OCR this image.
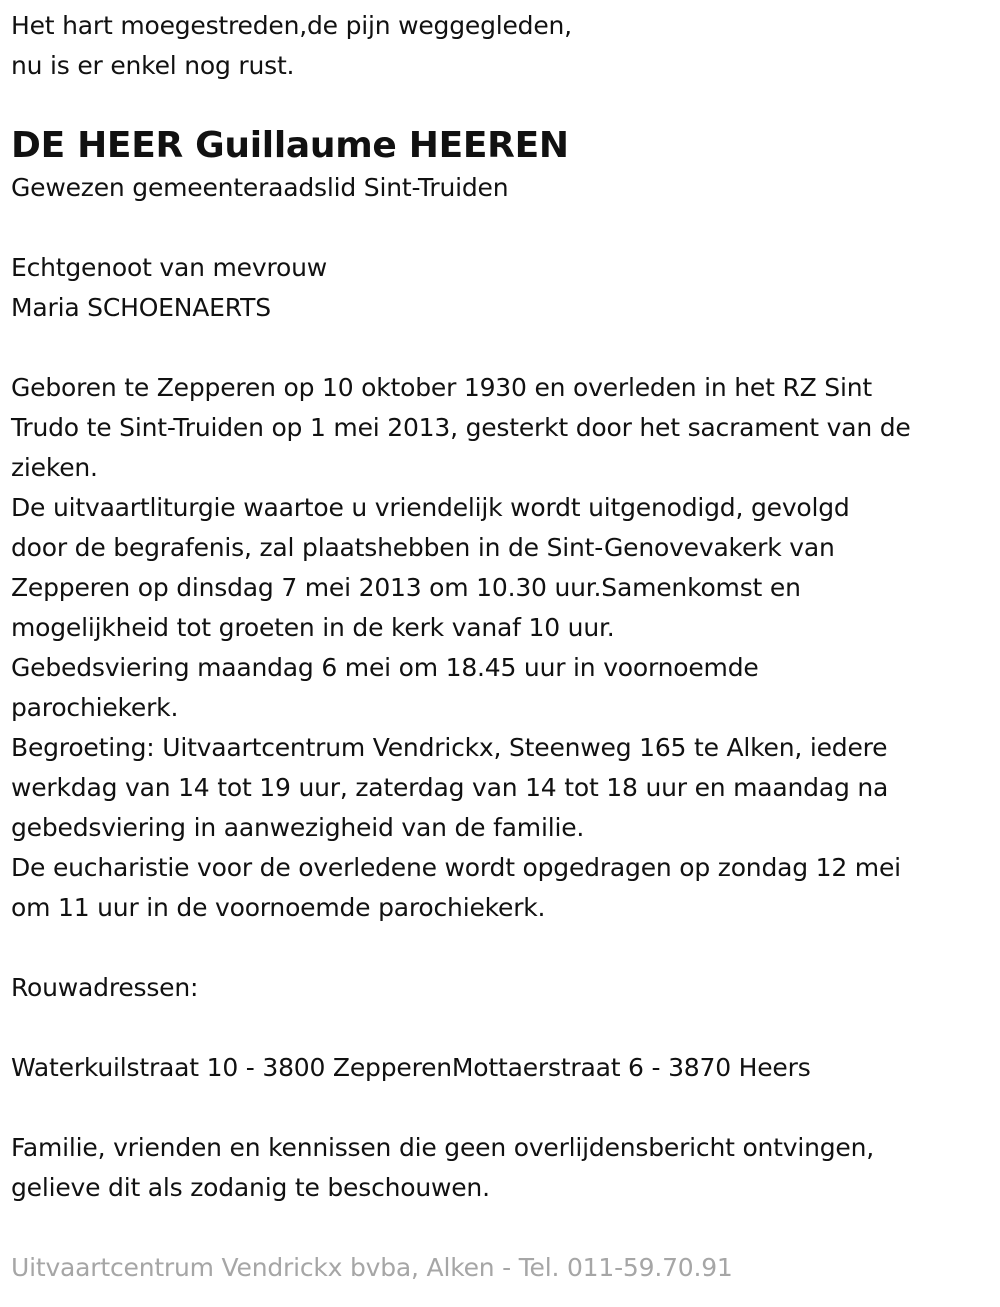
Het hart moegestreden,de pijn weggegleden,
nu is er enkel nog rust.
DE HEER Guillaume HEEREN
Gewezen gemeenteraadslid Sint-Truiden
Echtgenoot van mevrouw
Maria SCHOENAERTS
Geboren te Zepperen op 10 oktober 1930 en overleden in het RZ Sint
Trudo te Sint-Truiden op 1 mei 2013, gesterkt door het sacrament van de
zieken.
De uitvaartliturgie waartoe u vriendelijk wordt uitgenodigd, gevolgd
door de begrafenis, zal plaatshebben in de Sint-Genovevakerk van
Zepperen op dinsdag 7 mei 2013 om 10.30 uur.Samenkomst en
mogelijkheid tot groeten in de kerk vanaf 10 uur.
Gebedsviering maandag 6 mei om 18.45 uur in voornoemde
parochiekerk.
Begroeting: Uitvaartcentrum Vendrickx, Steenweg 165 te Alken, iedere
werkdag van 14 tot 19 uur, zaterdag van 14 tot 18 uur en maandag na
gebedsviering in aanwezigheid van de familie.
De eucharistie voor de overledene wordt opgedragen op zondag 12 mei
om 11 uur in de voornoemde parochiekerk.
Rouwadressen:
Waterkuilstraat 10 - 3800 ZepperenMottaerstraat 6 - 3870 Heers
Familie, vrienden en kennissen die geen overlijdensbericht ontvingen,
gelieve dit als zodanig te beschouwen.
Uitvaartcentrum Vendrickx bvba, Alken - Tel. 011-59.70.91
